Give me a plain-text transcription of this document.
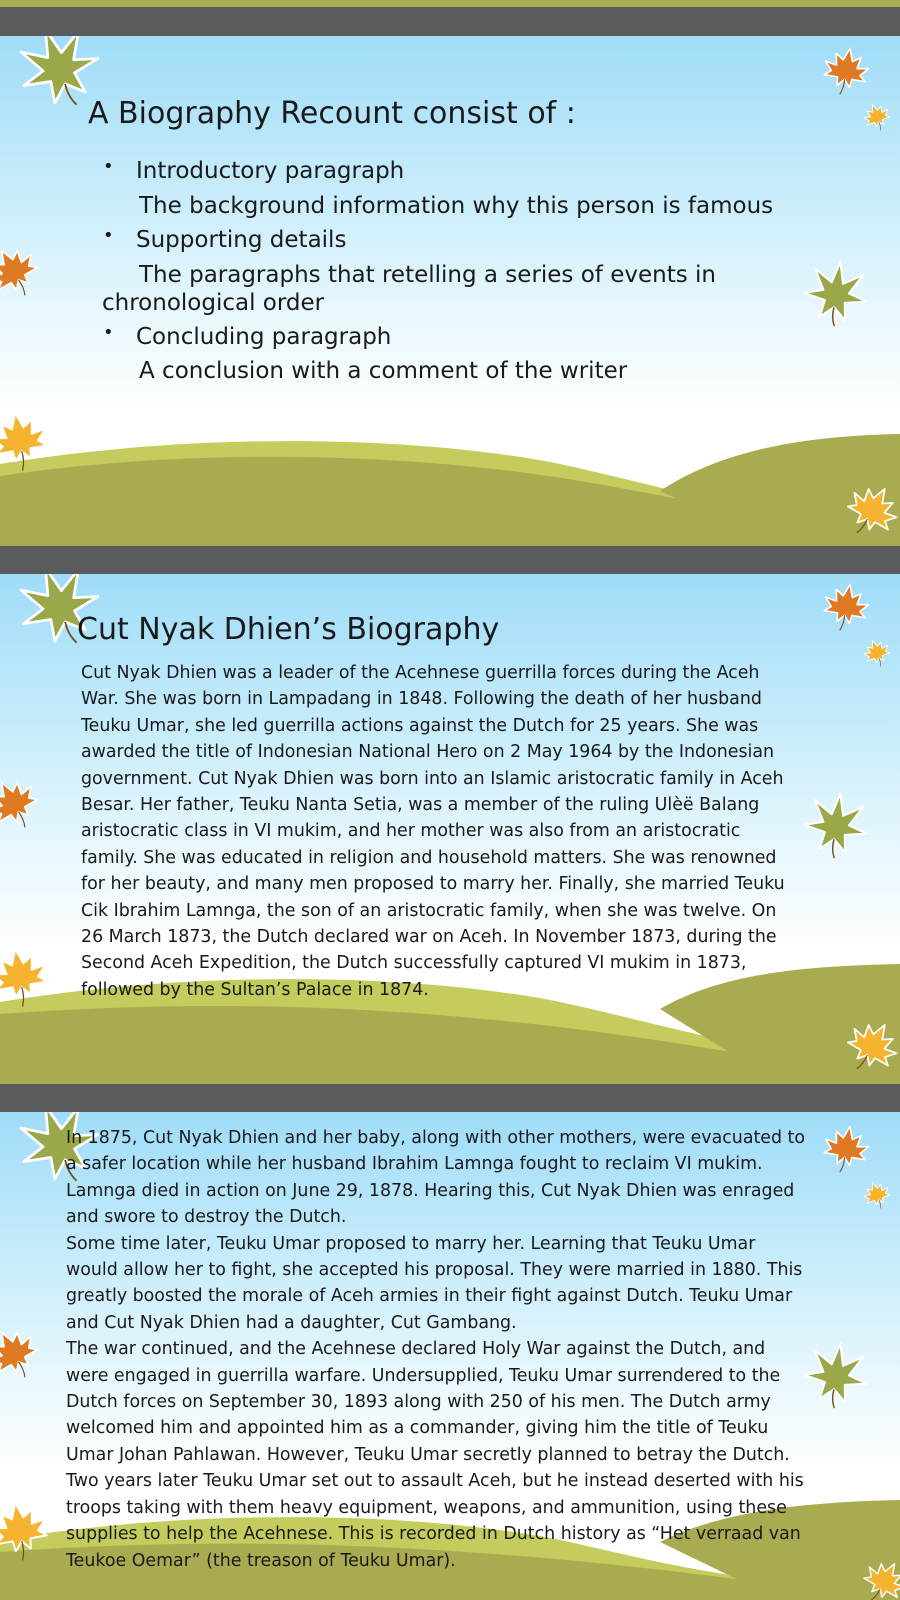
A Biography Recount consist of :
• Introductory paragraph
The background information why this person is famous
• Supporting details
The paragraphs that retelling a series of events in
chronological order
• Concluding paragraph
A conclusion with a comment of the writer
Cut Nyak Dhien’s Biography

Cut Nyak Dhien was a leader of the Acehnese guerrilla forces during the Aceh War. She was born in Lampadang in 1848. Following the death of her husband Teuku Umar, she led guerrilla actions against the Dutch for 25 years. She was awarded the title of Indonesian National Hero on 2 May 1964 by the Indonesian government. Cut Nyak Dhien was born into an Islamic aristocratic family in Aceh Besar. Her father, Teuku Nanta Setia, was a member of the ruling Ulèë Balang aristocratic class in VI mukim, and her mother was also from an aristocratic family. She was educated in religion and household matters. She was renowned for her beauty, and many men proposed to marry her. Finally, she married Teuku Cik Ibrahim Lamnga, the son of an aristocratic family, when she was twelve. On 26 March 1873, the Dutch declared war on Aceh. In November 1873, during the Second Aceh Expedition, the Dutch successfully captured VI mukim in 1873, followed by the Sultan’s Palace in 1874.

In 1875, Cut Nyak Dhien and her baby, along with other mothers, were evacuated to a safer location while her husband Ibrahim Lamnga fought to reclaim VI mukim. Lamnga died in action on June 29, 1878. Hearing this, Cut Nyak Dhien was enraged and swore to destroy the Dutch.

Some time later, Teuku Umar proposed to marry her. Learning that Teuku Umar would allow her to fight, she accepted his proposal. They were married in 1880. This greatly boosted the morale of Aceh armies in their fight against Dutch. Teuku Umar and Cut Nyak Dhien had a daughter, Cut Gambang.

The war continued, and the Acehnese declared Holy War against the Dutch, and were engaged in guerrilla warfare. Undersupplied, Teuku Umar surrendered to the Dutch forces on September 30, 1893 along with 250 of his men. The Dutch army welcomed him and appointed him as a commander, giving him the title of Teuku Umar Johan Pahlawan. However, Teuku Umar secretly planned to betray the Dutch. Two years later Teuku Umar set out to assault Aceh, but he instead deserted with his troops taking with them heavy equipment, weapons, and ammunition, using these supplies to help the Acehnese. This is recorded in Dutch history as “Het verraad van Teukoe Oemar” (the treason of Teuku Umar).
